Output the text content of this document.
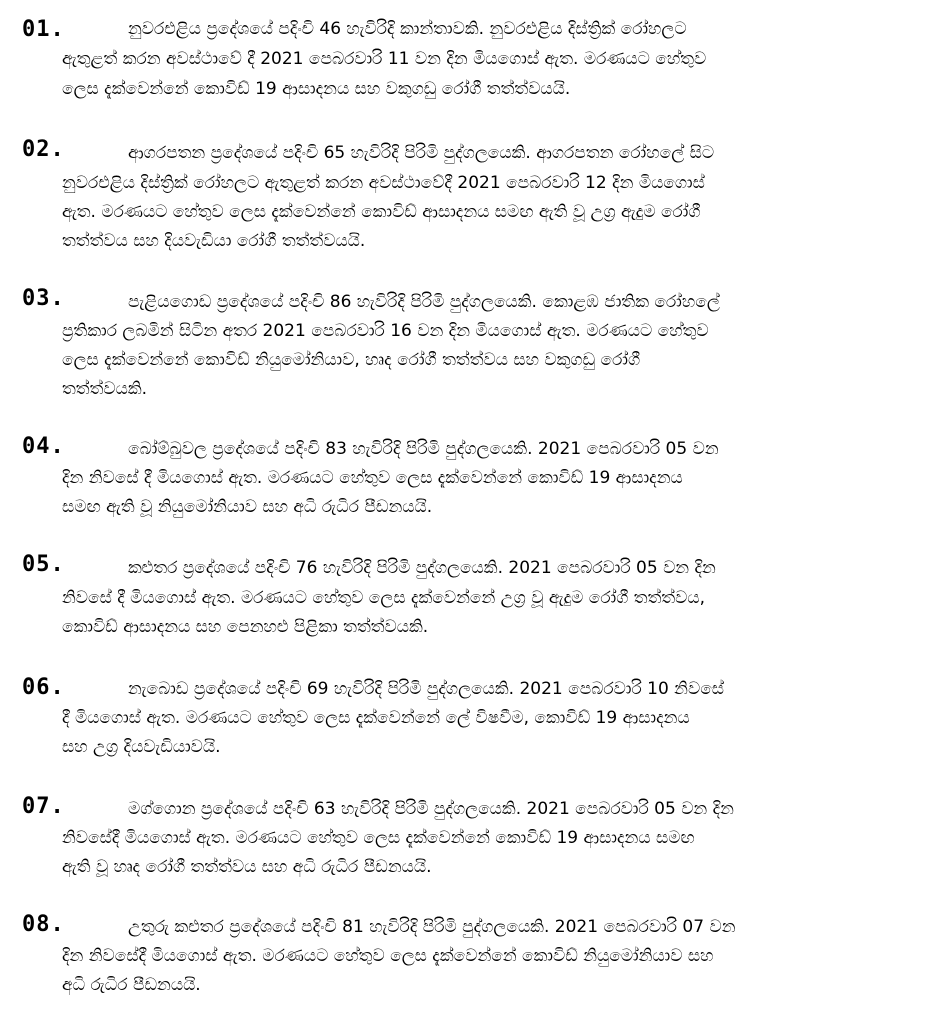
01.	නුවරඑළිය ප්‍රදේශයේ පදිංචි 46 හැවිරිදි කාන්තාවකි. නුවරඑළිය දිස්ත්‍රික් රෝහලට
ඇතුළත් කරන අවස්ථාවේ දී 2021 පෙබරවාරි 11 වන දින මියගොස් ඇත. මරණයට හේතුව
ලෙස දැක්වෙන්නේ කොවිඩ් 19 ආසාදනය සහ වකුගඩු රෝගී තත්ත්වයයි.
02.	ආගරපතන ප්‍රදේශයේ පදිංචි 65 හැවිරිදි පිරිමි පුද්ගලයෙකි. ආගරපතන රෝහලේ සිට
නුවරඑළිය දිස්ත්‍රික් රෝහලට ඇතුළත් කරන අවස්ථාවේදී 2021 පෙබරවාරි 12 දින මියගොස්
ඇත. මරණයට හේතුව ලෙස දැක්වෙන්නේ කොවිඩ් ආසාදනය සමඟ ඇති වූ උග්‍ර ඇදුම රෝගී
තත්ත්වය සහ දියවැඩියා රෝගී තත්ත්වයයි.
03.	පැළියගොඩ ප්‍රදේශයේ පදිංචි 86 හැවිරිදි පිරිමි පුද්ගලයෙකි. කොළඹ ජාතික රෝහලේ
ප්‍රතිකාර ලබමින් සිටින අතර 2021 පෙබරවාරි 16 වන දින මියගොස් ඇත. මරණයට හේතුව
ලෙස දැක්වෙන්නේ කොවිඩ් නියුමෝනියාව, හෘද රෝගී තත්ත්වය සහ වකුගඩු රෝගී
තත්ත්වයකි.
04.	බෝම්බුවල ප්‍රදේශයේ පදිංචි 83 හැවිරිදි පිරිමි පුද්ගලයෙකි. 2021 පෙබරවාරි 05 වන
දින නිවසේ දී මියගොස් ඇත. මරණයට හේතුව ලෙස දැක්වෙන්නේ කොවිඩ් 19 ආසාදනය
සමඟ ඇති වූ නියුමෝනියාව සහ අධි රුධිර පීඩනයයි.
05.	කළුතර ප්‍රදේශයේ පදිංචි 76 හැවිරිදි පිරිමි පුද්ගලයෙකි. 2021 පෙබරවාරි 05 වන දින
නිවසේ දී මියගොස් ඇත. මරණයට හේතුව ලෙස දැක්වෙන්නේ උග්‍ර වූ ඇදුම රෝගී තත්ත්වය,
කොවිඩ් ආසාදනය සහ පෙනහළු පිළිකා තත්ත්වයකි.
06.	නැබොඩ ප්‍රදේශයේ පදිංචි 69 හැවිරිදි පිරිමි පුද්ගලයෙකි. 2021 පෙබරවාරි 10 නිවසේ
දී මියගොස් ඇත. මරණයට හේතුව ලෙස දැක්වෙන්නේ ලේ විෂවීම, කොවිඩ් 19 ආසාදනය
සහ උග්‍ර දියවැඩියාවයි.
07.	මග්ගොන ප්‍රදේශයේ පදිංචි 63 හැවිරිදි පිරිමි පුද්ගලයෙකි. 2021 පෙබරවාරි 05 වන දින
නිවසේදී මියගොස් ඇත. මරණයට හේතුව ලෙස දැක්වෙන්නේ කොවිඩ් 19 ආසාදනය සමඟ
ඇති වූ හෘද රෝගී තත්ත්වය සහ අධි රුධිර පීඩනයයි.
08.	උතුරු කළුතර ප්‍රදේශයේ පදිංචි 81 හැවිරිදි පිරිමි පුද්ගලයෙකි. 2021 පෙබරවාරි 07 වන
දින නිවසේදී මියගොස් ඇත. මරණයට හේතුව ලෙස දැක්වෙන්නේ කොවිඩ් නියුමෝනියාව සහ
අධි රුධිර පීඩනයයි.
